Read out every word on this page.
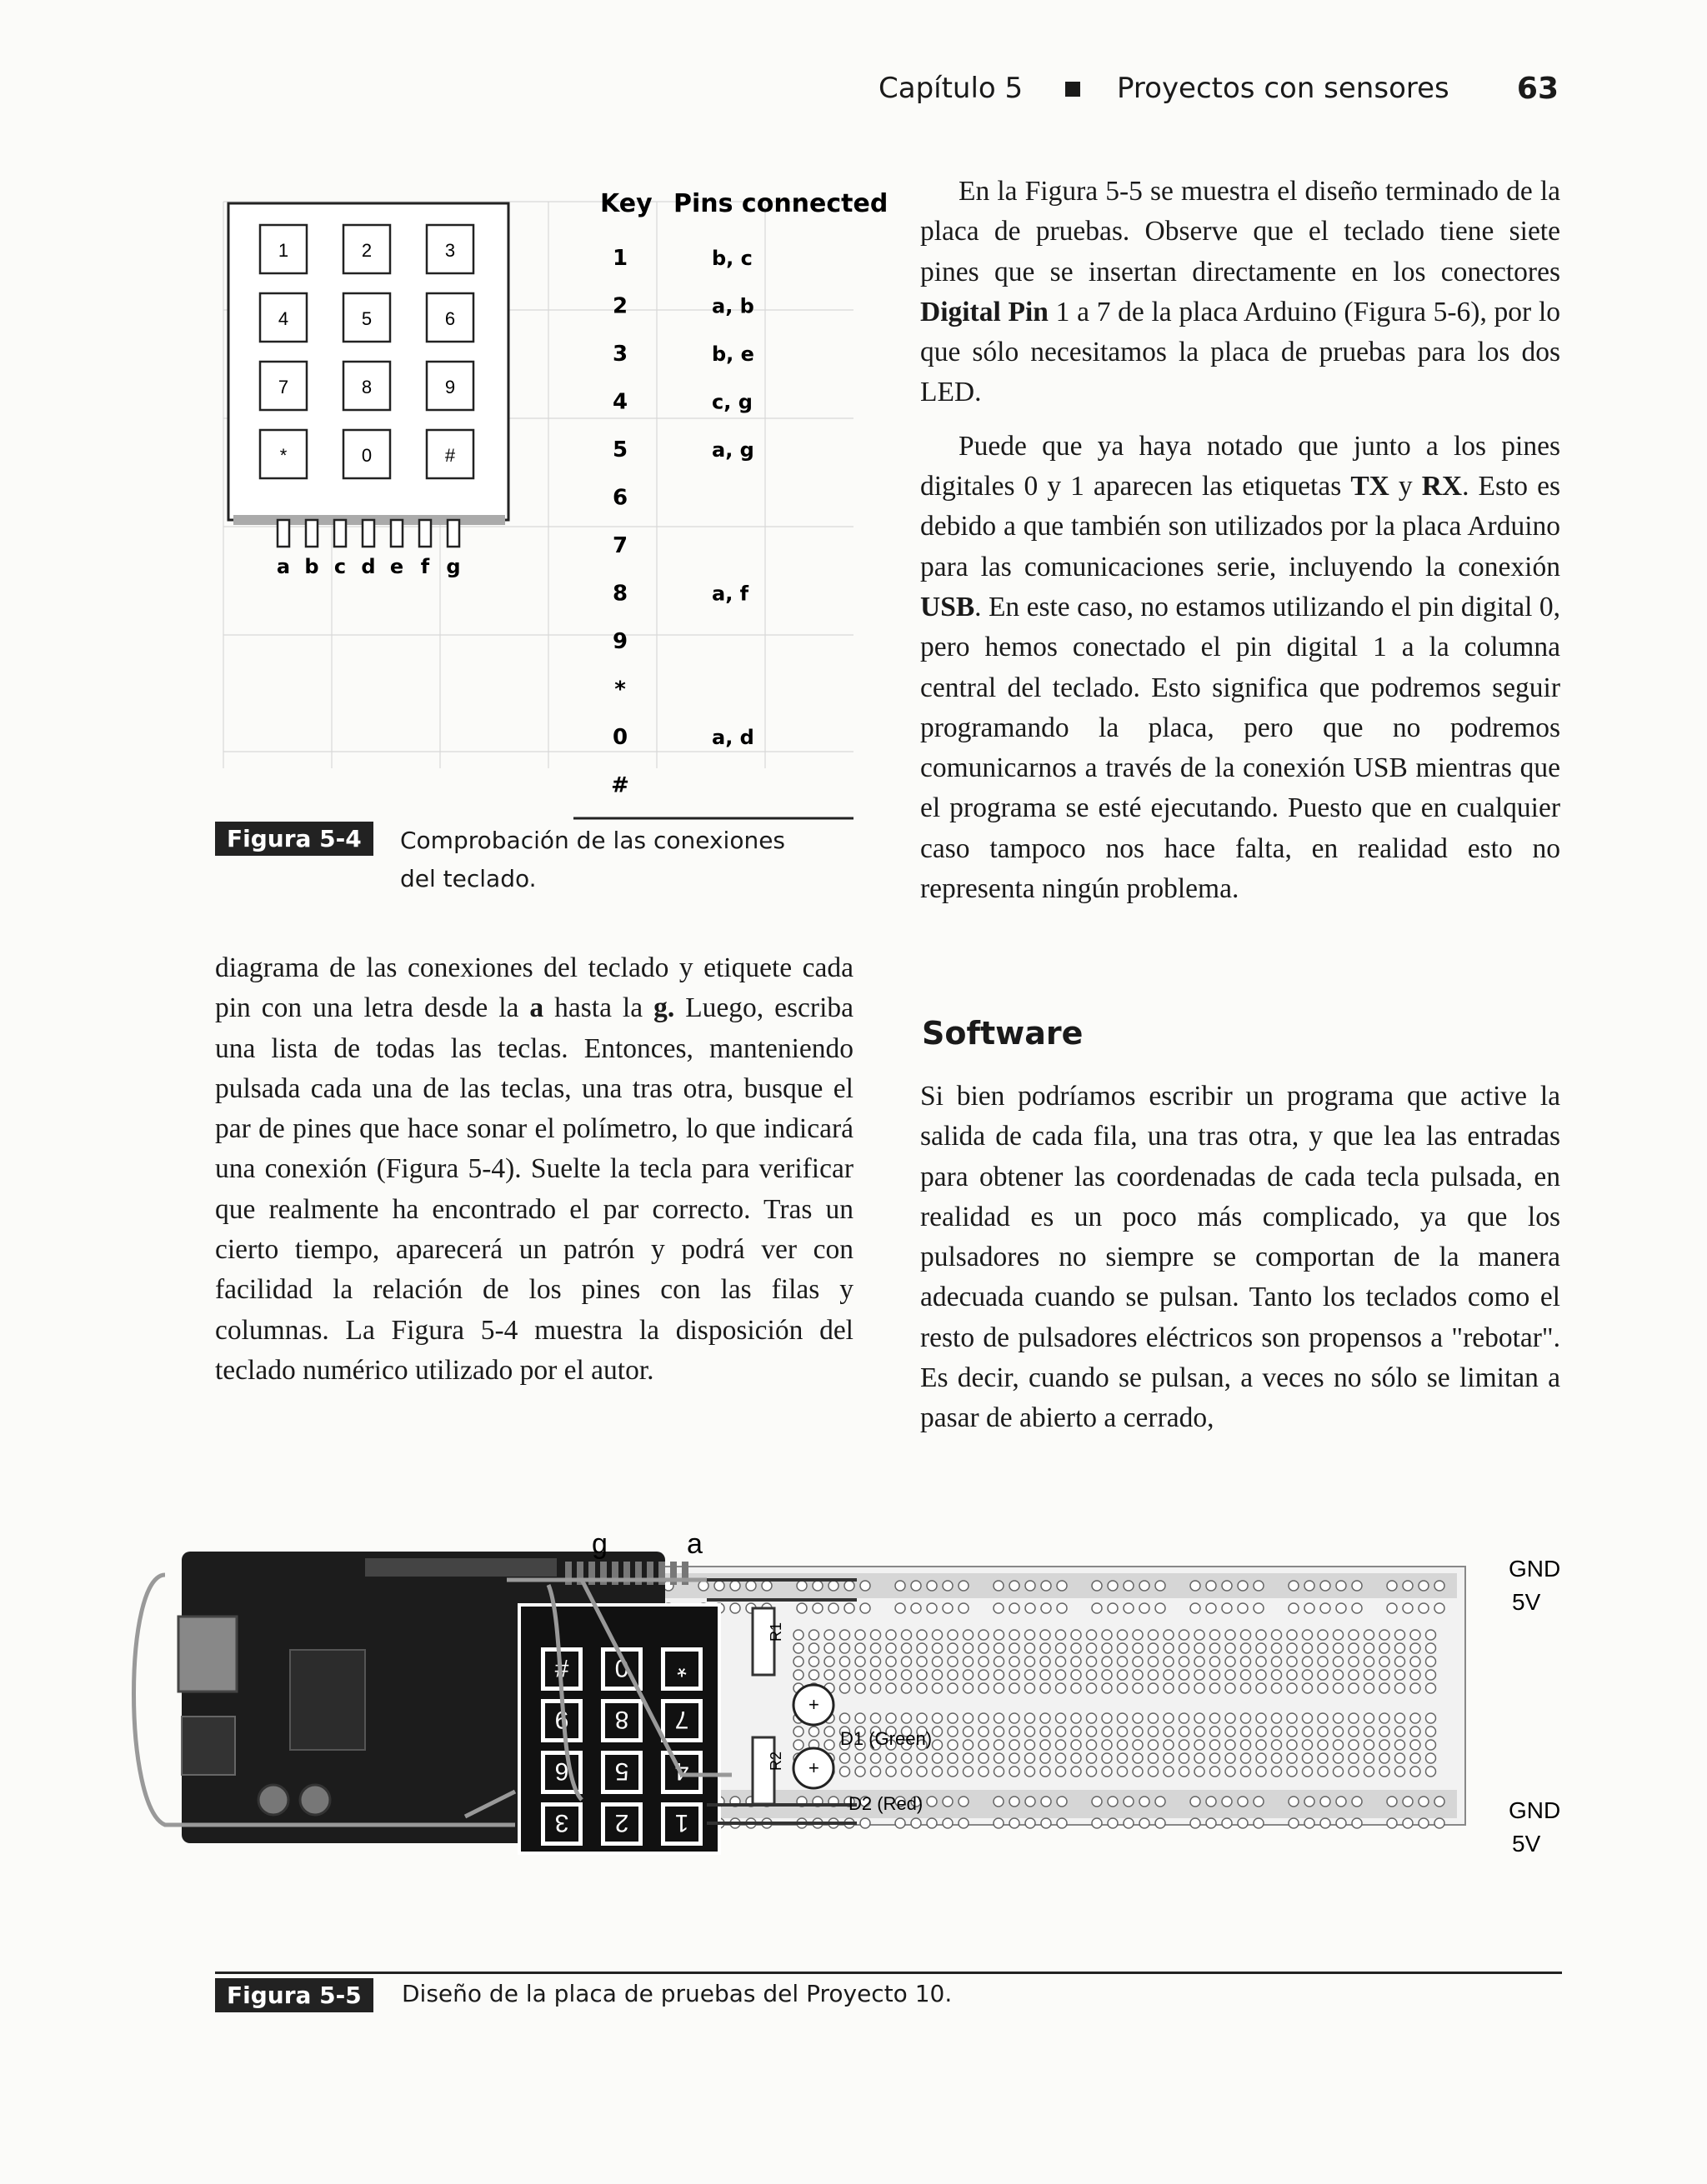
Capítulo 5	Proyectos con sensores 63
1	2	3
4	5	6
7	8	9
*	0	#
a b c d e f g
Key Pins connected
1	b, c
2	a, b
3	b, e
4	c, g
5	a, g
6
7
8	a, f
9
*
0	a, d
#
Figura 5-4	Comprobación de las conexiones
del teclado.

diagrama de las conexiones del teclado y etiquete cada pin con una letra desde la a hasta la g. Luego, escriba una lista de todas las teclas. Entonces, manteniendo pulsada cada una de las teclas, una tras otra, busque el par de pines que hace sonar el polímetro, lo que indicará una conexión (Figura 5-4). Suelte la tecla para verificar que realmente ha encontrado el par correcto. Tras un cierto tiempo, aparecerá un patrón y podrá ver con facilidad la relación de los pines con las filas y columnas. La Figura 5-4 muestra la disposición del teclado numérico utilizado por el autor.

En la Figura 5-5 se muestra el diseño terminado de la placa de pruebas. Observe que el teclado tiene siete pines que se insertan directamente en los conectores Digital Pin 1 a 7 de la placa Arduino (Figura 5-6), por lo que sólo necesitamos la placa de pruebas para los dos LED.

Puede que ya haya notado que junto a los pines digitales 0 y 1 aparecen las etiquetas TX y RX. Esto es debido a que también son utilizados por la placa Arduino para las comunicaciones serie, incluyendo la conexión USB. En este caso, no estamos utilizando el pin digital 0, pero hemos conectado el pin digital 1 a la columna central del teclado. Esto significa que podremos seguir programando la placa, pero que no podremos comunicarnos a través de la conexión USB mientras que el programa se esté ejecutando. Puesto que en cualquier caso tampoco nos hace falta, en realidad esto no representa ningún problema.

Software

Si bien podríamos escribir un programa que active la salida de cada fila, una tras otra, y que lea las entradas para obtener las coordenadas de cada tecla pulsada, en realidad es un poco más complicado, ya que los pulsadores no siempre se comportan de la manera adecuada cuando se pulsan. Tanto los teclados como el resto de pulsadores eléctricos son propensos a "rebotar". Es decir, cuando se pulsan, a veces no sólo se limitan a pasar de abierto a cerrado,

# 0 *
9 8 7
6 5 4
3 2 1
R1
R2
+
+
D1 (Green)
D2 (Red)
g	a
GND
5V
GND
5V
Figura 5-5	Diseño de la placa de pruebas del Proyecto 10.
